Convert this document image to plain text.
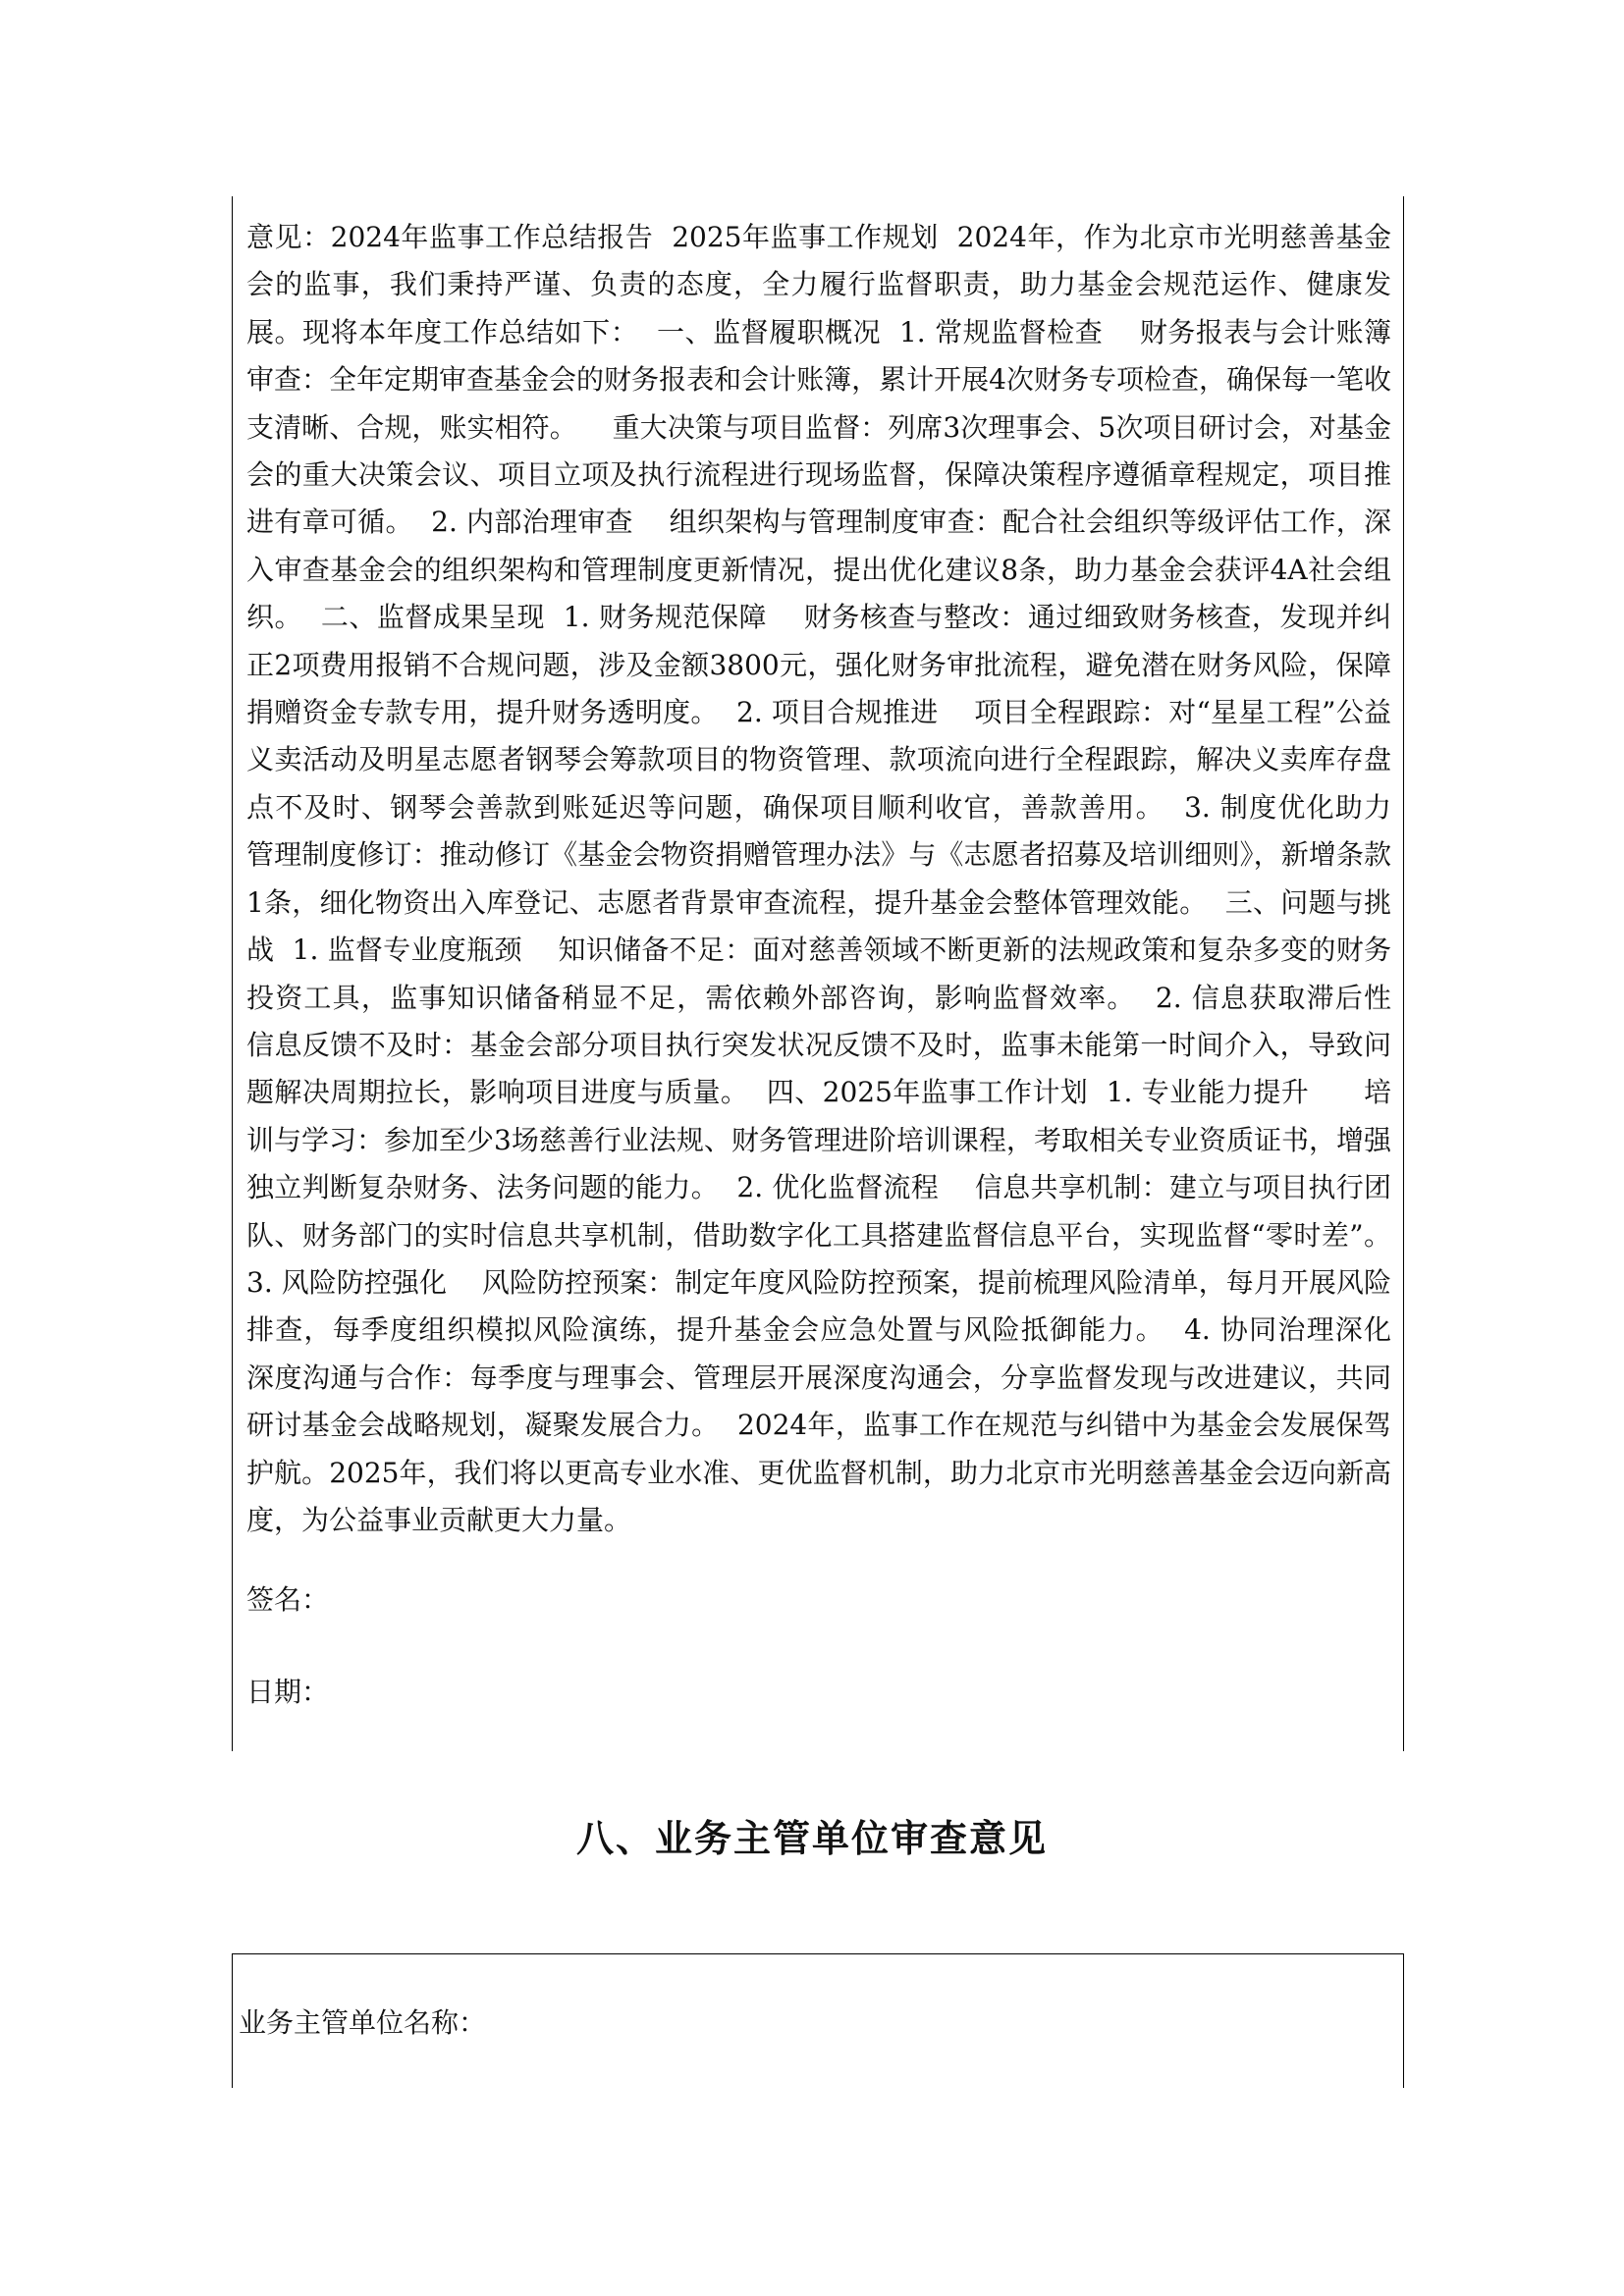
意见：2024年监事工作总结报告  2025年监事工作规划  2024年，作为北京市光明慈善基金会的监事，我们秉持严谨、负责的态度，全力履行监督职责，助力基金会规范运作、健康发展。现将本年度工作总结如下：  一、监督履职概况  1. 常规监督检查    财务报表与会计账簿审查：全年定期审查基金会的财务报表和会计账簿，累计开展4次财务专项检查，确保每一笔收支清晰、合规，账实相符。    重大决策与项目监督：列席3次理事会、5次项目研讨会，对基金会的重大决策会议、项目立项及执行流程进行现场监督，保障决策程序遵循章程规定，项目推进有章可循。  2. 内部治理审查    组织架构与管理制度审查：配合社会组织等级评估工作，深入审查基金会的组织架构和管理制度更新情况，提出优化建议8条，助力基金会获评4A社会组织。  二、监督成果呈现  1. 财务规范保障    财务核查与整改：通过细致财务核查，发现并纠正2项费用报销不合规问题，涉及金额3800元，强化财务审批流程，避免潜在财务风险，保障捐赠资金专款专用，提升财务透明度。  2. 项目合规推进    项目全程跟踪：对“星星工程”公益义卖活动及明星志愿者钢琴会筹款项目的物资管理、款项流向进行全程跟踪，解决义卖库存盘点不及时、钢琴会善款到账延迟等问题，确保项目顺利收官，善款善用。  3. 制度优化助力    管理制度修订：推动修订《基金会物资捐赠管理办法》与《志愿者招募及培训细则》，新增条款1条，细化物资出入库登记、志愿者背景审查流程，提升基金会整体管理效能。  三、问题与挑战  1. 监督专业度瓶颈    知识储备不足：面对慈善领域不断更新的法规政策和复杂多变的财务投资工具，监事知识储备稍显不足，需依赖外部咨询，影响监督效率。  2. 信息获取滞后性    信息反馈不及时：基金会部分项目执行突发状况反馈不及时，监事未能第一时间介入，导致问题解决周期拉长，影响项目进度与质量。  四、2025年监事工作计划  1. 专业能力提升      培训与学习：参加至少3场慈善行业法规、财务管理进阶培训课程，考取相关专业资质证书，增强独立判断复杂财务、法务问题的能力。  2. 优化监督流程    信息共享机制：建立与项目执行团队、财务部门的实时信息共享机制，借助数字化工具搭建监督信息平台，实现监督“零时差”。  3. 风险防控强化    风险防控预案：制定年度风险防控预案，提前梳理风险清单，每月开展风险排查，每季度组织模拟风险演练，提升基金会应急处置与风险抵御能力。  4. 协同治理深化    深度沟通与合作：每季度与理事会、管理层开展深度沟通会，分享监督发现与改进建议，共同研讨基金会战略规划，凝聚发展合力。  2024年，监事工作在规范与纠错中为基金会发展保驾护航。2025年，我们将以更高专业水准、更优监督机制，助力北京市光明慈善基金会迈向新高度，为公益事业贡献更大力量。
签名：
日期：
八、业务主管单位审查意见
业务主管单位名称：
